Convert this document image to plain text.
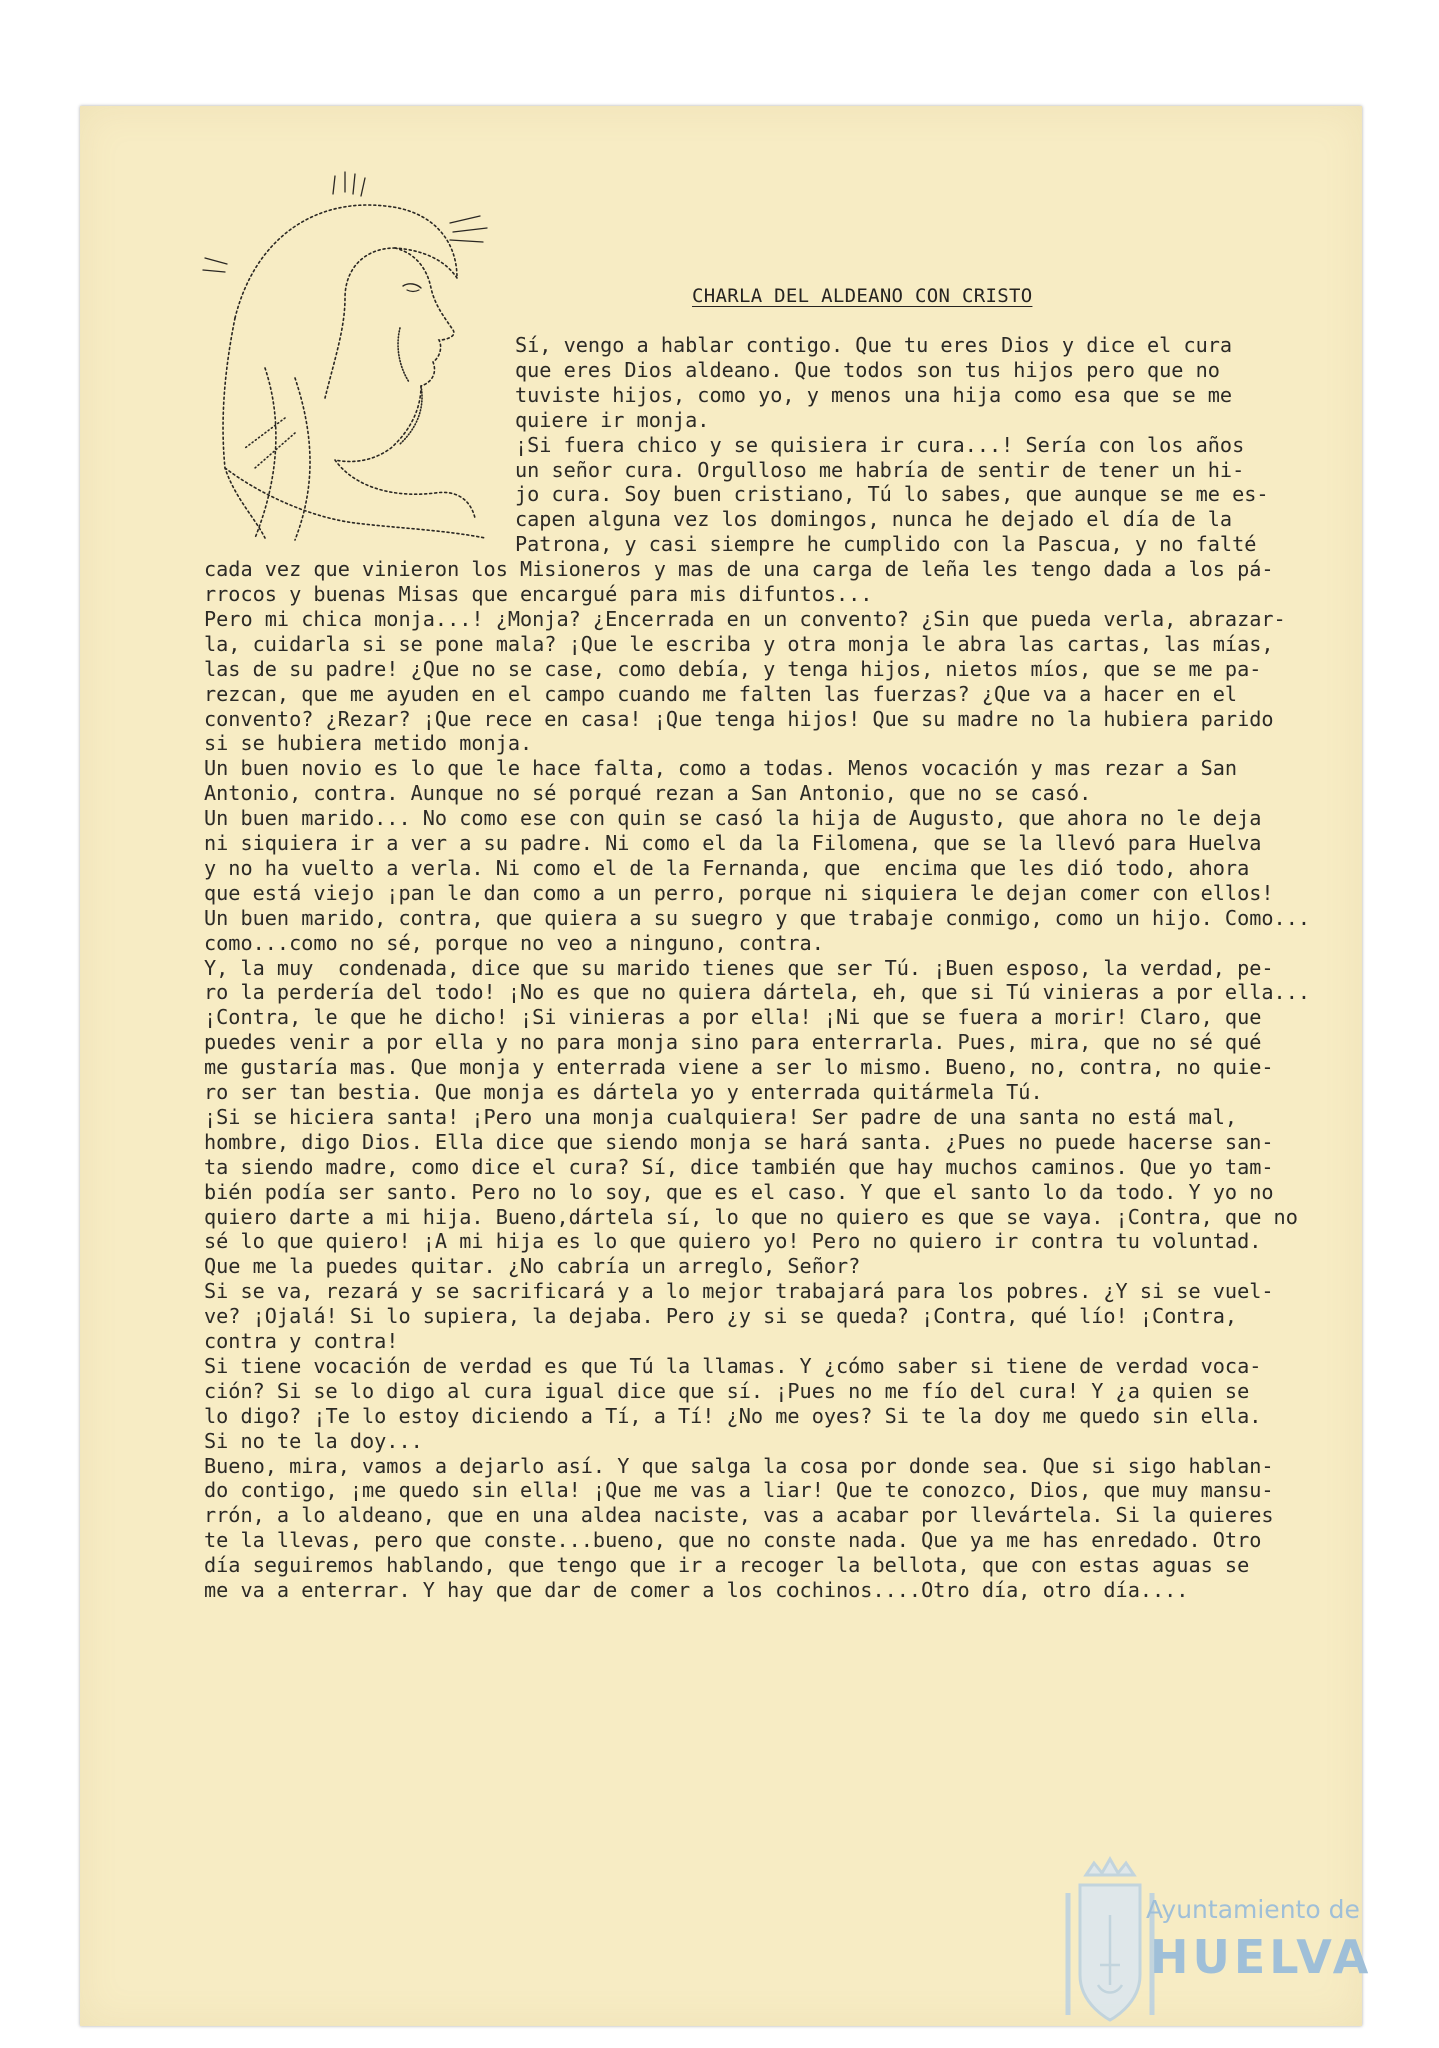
CHARLA DEL ALDEANO CON CRISTO
Sí, vengo a hablar contigo. Que tu eres Dios y dice el cura
que eres Dios aldeano. Que todos son tus hijos pero que no
tuviste hijos, como yo, y menos una hija como esa que se me
quiere ir monja.
¡Si fuera chico y se quisiera ir cura...! Sería con los años
un señor cura. Orgulloso me habría de sentir de tener un hi-
jo cura. Soy buen cristiano, Tú lo sabes, que aunque se me es-
capen alguna vez los domingos, nunca he dejado el día de la
Patrona, y casi siempre he cumplido con la Pascua, y no falté
cada vez que vinieron los Misioneros y mas de una carga de leña les tengo dada a los pá-
rrocos y buenas Misas que encargué para mis difuntos...
Pero mi chica monja...! ¿Monja? ¿Encerrada en un convento? ¿Sin que pueda verla, abrazar-
la, cuidarla si se pone mala? ¡Que le escriba y otra monja le abra las cartas, las mías,
las de su padre! ¿Que no se case, como debía, y tenga hijos, nietos míos, que se me pa-
rezcan, que me ayuden en el campo cuando me falten las fuerzas? ¿Que va a hacer en el
convento? ¿Rezar? ¡Que rece en casa! ¡Que tenga hijos! Que su madre no la hubiera parido
si se hubiera metido monja.
Un buen novio es lo que le hace falta, como a todas. Menos vocación y mas rezar a San
Antonio, contra. Aunque no sé porqué rezan a San Antonio, que no se casó.
Un buen marido... No como ese con quin se casó la hija de Augusto, que ahora no le deja
ni siquiera ir a ver a su padre. Ni como el da la Filomena, que se la llevó para Huelva
y no ha vuelto a verla. Ni como el de la Fernanda, que  encima que les dió todo, ahora
que está viejo ¡pan le dan como a un perro, porque ni siquiera le dejan comer con ellos!
Un buen marido, contra, que quiera a su suegro y que trabaje conmigo, como un hijo. Como...
como...como no sé, porque no veo a ninguno, contra.
Y, la muy  condenada, dice que su marido tienes que ser Tú. ¡Buen esposo, la verdad, pe-
ro la perdería del todo! ¡No es que no quiera dártela, eh, que si Tú vinieras a por ella...
¡Contra, le que he dicho! ¡Si vinieras a por ella! ¡Ni que se fuera a morir! Claro, que
puedes venir a por ella y no para monja sino para enterrarla. Pues, mira, que no sé qué
me gustaría mas. Que monja y enterrada viene a ser lo mismo. Bueno, no, contra, no quie-
ro ser tan bestia. Que monja es dártela yo y enterrada quitármela Tú.
¡Si se hiciera santa! ¡Pero una monja cualquiera! Ser padre de una santa no está mal,
hombre, digo Dios. Ella dice que siendo monja se hará santa. ¿Pues no puede hacerse san-
ta siendo madre, como dice el cura? Sí, dice también que hay muchos caminos. Que yo tam-
bién podía ser santo. Pero no lo soy, que es el caso. Y que el santo lo da todo. Y yo no
quiero darte a mi hija. Bueno,dártela sí, lo que no quiero es que se vaya. ¡Contra, que no
sé lo que quiero! ¡A mi hija es lo que quiero yo! Pero no quiero ir contra tu voluntad.
Que me la puedes quitar. ¿No cabría un arreglo, Señor?
Si se va, rezará y se sacrificará y a lo mejor trabajará para los pobres. ¿Y si se vuel-
ve? ¡Ojalá! Si lo supiera, la dejaba. Pero ¿y si se queda? ¡Contra, qué lío! ¡Contra,
contra y contra!
Si tiene vocación de verdad es que Tú la llamas. Y ¿cómo saber si tiene de verdad voca-
ción? Si se lo digo al cura igual dice que sí. ¡Pues no me fío del cura! Y ¿a quien se
lo digo? ¡Te lo estoy diciendo a Tí, a Tí! ¿No me oyes? Si te la doy me quedo sin ella.
Si no te la doy...
Bueno, mira, vamos a dejarlo así. Y que salga la cosa por donde sea. Que si sigo hablan-
do contigo, ¡me quedo sin ella! ¡Que me vas a liar! Que te conozco, Dios, que muy mansu-
rrón, a lo aldeano, que en una aldea naciste, vas a acabar por llevártela. Si la quieres
te la llevas, pero que conste...bueno, que no conste nada. Que ya me has enredado. Otro
día seguiremos hablando, que tengo que ir a recoger la bellota, que con estas aguas se
me va a enterrar. Y hay que dar de comer a los cochinos....Otro día, otro día....
Ayuntamiento de
HUELVA
